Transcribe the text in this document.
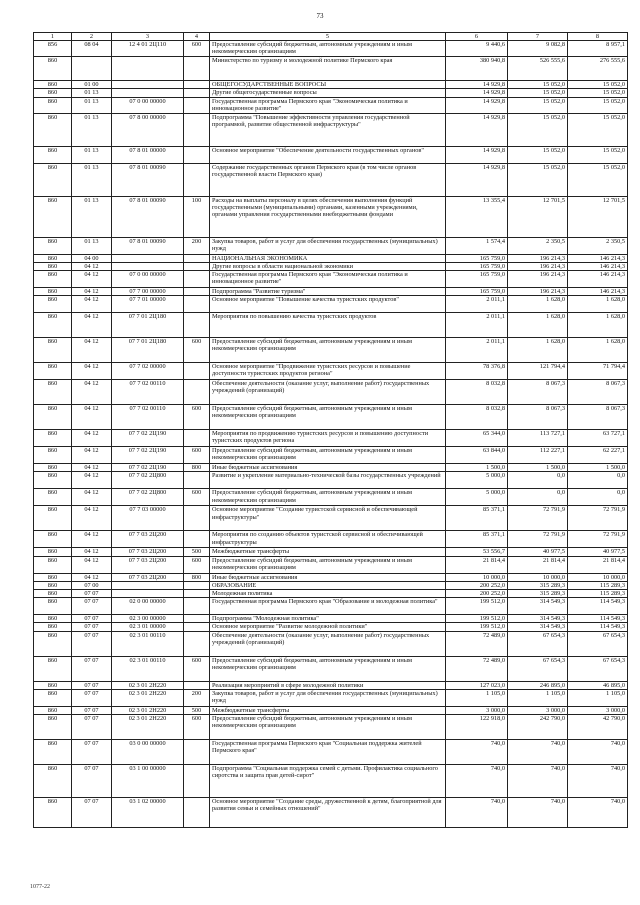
73
1	2	3	4	5	6	7	8
856	08 04	12 4 01 2Ц110	600	Предоставление субсидий бюджетным, автономным учреждениям и иным некоммерческим организациям	9 440,6	9 082,8	8 957,1
860				Министерство по туризму и молодежной политике Пермского края	380 940,8	526 555,6	276 555,6
860	01 00			ОБЩЕГОСУДАРСТВЕННЫЕ ВОПРОСЫ	14 929,8	15 052,0	15 052,0
860	01 13			Другие общегосударственные вопросы	14 929,8	15 052,0	15 052,0
860	01 13	07 0 00 00000		Государственная программа Пермского края "Экономическая политика и инновационное развитие"	14 929,8	15 052,0	15 052,0
860	01 13	07 8 00 00000		Подпрограмма "Повышение эффективности управления государственной программой, развитие общественной инфраструктуры"	14 929,8	15 052,0	15 052,0
860	01 13	07 8 01 00000		Основное мероприятие "Обеспечение деятельности государственных органов"	14 929,8	15 052,0	15 052,0
860	01 13	07 8 01 00090		Содержание государственных органов Пермского края (в том числе органов государственной власти Пермского края)	14 929,8	15 052,0	15 052,0
860	01 13	07 8 01 00090	100	Расходы на выплаты персоналу в целях обеспечения выполнения функций государственными (муниципальными) органами, казенными учреждениями, органами управления государственными внебюджетными фондами	13 355,4	12 701,5	12 701,5
860	01 13	07 8 01 00090	200	Закупка товаров, работ и услуг для обеспечения государственных (муниципальных) нужд	1 574,4	2 350,5	2 350,5
860	04 00			НАЦИОНАЛЬНАЯ ЭКОНОМИКА	165 759,0	196 214,3	146 214,3
860	04 12			Другие вопросы в области национальной экономики	165 759,0	196 214,3	146 214,3
860	04 12	07 0 00 00000		Государственная программа Пермского края "Экономическая политика и инновационное развитие"	165 759,0	196 214,3	146 214,3
860	04 12	07 7 00 00000		Подпрограмма "Развитие туризма"	165 759,0	196 214,3	146 214,3
860	04 12	07 7 01 00000		Основное мероприятие "Повышение качества туристских продуктов"	2 011,1	1 628,0	1 628,0
860	04 12	07 7 01 2Ц180		Мероприятия по повышению качества туристских продуктов	2 011,1	1 628,0	1 628,0
860	04 12	07 7 01 2Ц180	600	Предоставление субсидий бюджетным, автономным учреждениям и иным некоммерческим организациям	2 011,1	1 628,0	1 628,0
860	04 12	07 7 02 00000		Основное мероприятие "Продвижение туристских ресурсов и повышение доступности туристских продуктов региона"	78 376,8	121 794,4	71 794,4
860	04 12	07 7 02 00110		Обеспечение деятельности (оказание услуг, выполнение работ) государственных учреждений (организаций)	8 032,8	8 067,3	8 067,3
860	04 12	07 7 02 00110	600	Предоставление субсидий бюджетным, автономным учреждениям и иным некоммерческим организациям	8 032,8	8 067,3	8 067,3
860	04 12	07 7 02 2Ц190		Мероприятия по продвижению туристских ресурсов и повышению доступности туристских продуктов региона	65 344,0	113 727,1	63 727,1
860	04 12	07 7 02 2Ц190	600	Предоставление субсидий бюджетным, автономным учреждениям и иным некоммерческим организациям	63 844,0	112 227,1	62 227,1
860	04 12	07 7 02 2Ц190	800	Иные бюджетные ассигнования	1 500,0	1 500,0	1 500,0
860	04 12	07 7 02 2Ц800		Развитие и укрепление материально-технической базы государственных учреждений	5 000,0	0,0	0,0
860	04 12	07 7 02 2Ц800	600	Предоставление субсидий бюджетным, автономным учреждениям и иным некоммерческим организациям	5 000,0	0,0	0,0
860	04 12	07 7 03 00000		Основное мероприятие "Создание туристской сервисной и обеспечивающей инфраструктуры"	85 371,1	72 791,9	72 791,9
860	04 12	07 7 03 2Ц200		Мероприятия по созданию объектов туристской сервисной и обеспечивающей инфраструктуры	85 371,1	72 791,9	72 791,9
860	04 12	07 7 03 2Ц200	500	Межбюджетные трансферты	53 556,7	40 977,5	40 977,5
860	04 12	07 7 03 2Ц200	600	Предоставление субсидий бюджетным, автономным учреждениям и иным некоммерческим организациям	21 814,4	21 814,4	21 814,4
860	04 12	07 7 03 2Ц200	800	Иные бюджетные ассигнования	10 000,0	10 000,0	10 000,0
860	07 00			ОБРАЗОВАНИЕ	200 252,0	315 289,3	115 289,3
860	07 07			Молодежная политика	200 252,0	315 289,3	115 289,3
860	07 07	02 0 00 00000		Государственная программа Пермского края "Образование и молодежная политика"	199 512,0	314 549,3	114 549,3
860	07 07	02 3 00 00000		Подпрограмма "Молодежная политика"	199 512,0	314 549,3	114 549,3
860	07 07	02 3 01 00000		Основное мероприятие "Развитие молодежной политики"	199 512,0	314 549,3	114 549,3
860	07 07	02 3 01 00110		Обеспечение деятельности (оказание услуг, выполнение работ) государственных учреждений (организаций)	72 489,0	67 654,3	67 654,3
860	07 07	02 3 01 00110	600	Предоставление субсидий бюджетным, автономным учреждениям и иным некоммерческим организациям	72 489,0	67 654,3	67 654,3
860	07 07	02 3 01 2Н220		Реализация мероприятий в сфере молодежной политики	127 023,0	246 895,0	46 895,0
860	07 07	02 3 01 2Н220	200	Закупка товаров, работ и услуг для обеспечения государственных (муниципальных) нужд	1 105,0	1 105,0	1 105,0
860	07 07	02 3 01 2Н220	500	Межбюджетные трансферты	3 000,0	3 000,0	3 000,0
860	07 07	02 3 01 2Н220	600	Предоставление субсидий бюджетным, автономным учреждениям и иным некоммерческим организациям	122 918,0	242 790,0	42 790,0
860	07 07	03 0 00 00000		Государственная программа Пермского края "Социальная поддержка жителей Пермского края"	740,0	740,0	740,0
860	07 07	03 1 00 00000		Подпрограмма "Социальная поддержка семей с детьми. Профилактика социального сиротства и защита прав детей-сирот"	740,0	740,0	740,0
860	07 07	03 1 02 00000		Основное мероприятие "Создание среды, дружественной к детям, благоприятной для развития семьи и семейных отношений"	740,0	740,0	740,0
1077-22
